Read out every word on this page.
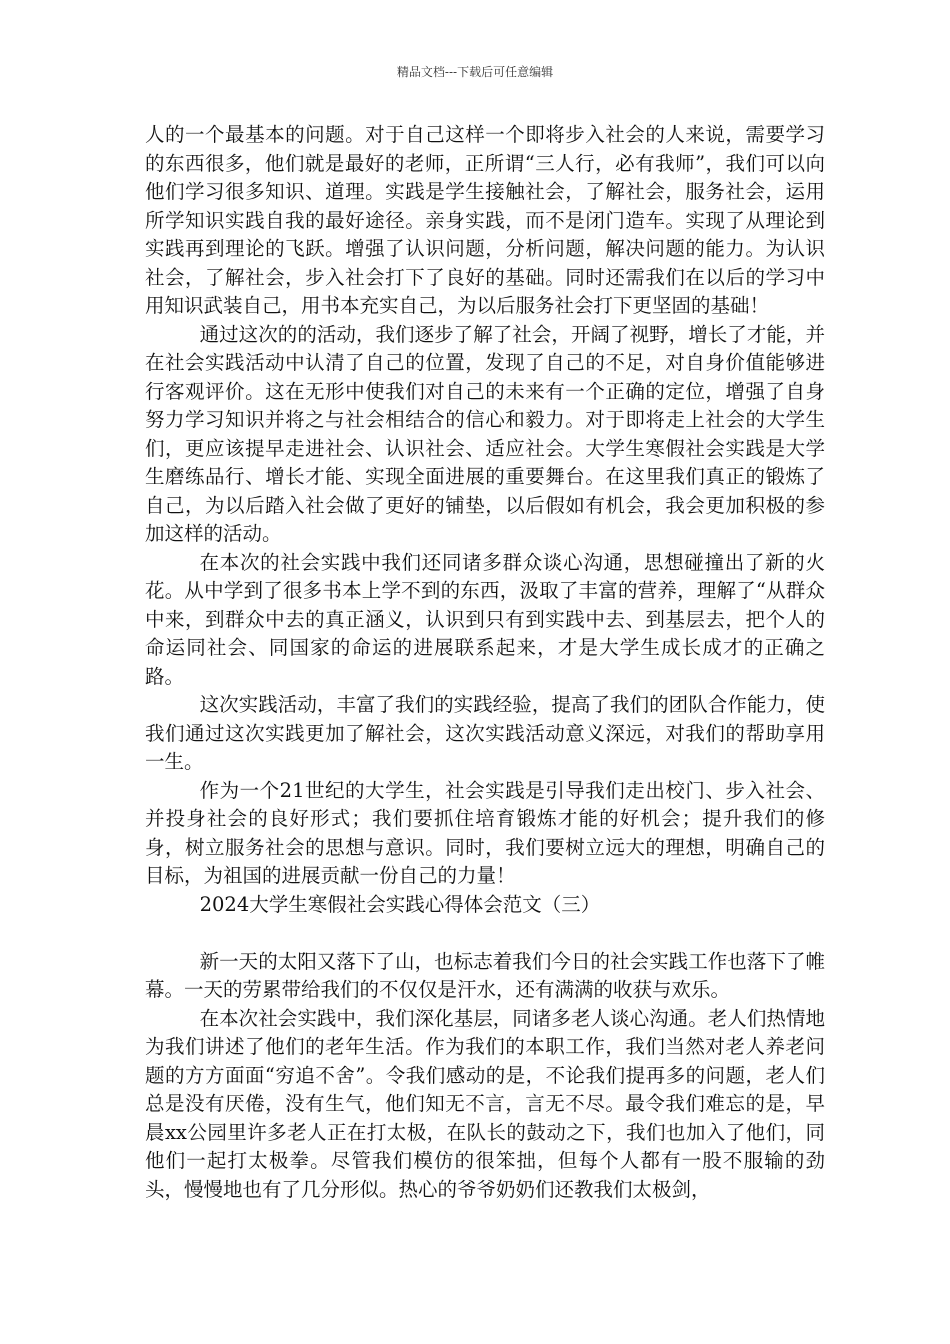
精品文档---下载后可任意编辑

人的一个最基本的问题。对于自己这样一个即将步入社会的人来说，需要学习的东西很多，他们就是最好的老师，正所谓“三人行，必有我师”，我们可以向他们学习很多知识、道理。实践是学生接触社会，了解社会，服务社会，运用所学知识实践自我的最好途径。亲身实践，而不是闭门造车。实现了从理论到实践再到理论的飞跃。增强了认识问题，分析问题，解决问题的能力。为认识社会，了解社会，步入社会打下了良好的基础。同时还需我们在以后的学习中用知识武装自己，用书本充实自己，为以后服务社会打下更坚固的基础！

通过这次的的活动，我们逐步了解了社会，开阔了视野，增长了才能，并在社会实践活动中认清了自己的位置，发现了自己的不足，对自身价值能够进行客观评价。这在无形中使我们对自己的未来有一个正确的定位，增强了自身努力学习知识并将之与社会相结合的信心和毅力。对于即将走上社会的大学生们，更应该提早走进社会、认识社会、适应社会。大学生寒假社会实践是大学生磨练品行、增长才能、实现全面进展的重要舞台。在这里我们真正的锻炼了自己，为以后踏入社会做了更好的铺垫，以后假如有机会，我会更加积极的参加这样的活动。

在本次的社会实践中我们还同诸多群众谈心沟通，思想碰撞出了新的火花。从中学到了很多书本上学不到的东西，汲取了丰富的营养，理解了“从群众中来，到群众中去的真正涵义，认识到只有到实践中去、到基层去，把个人的命运同社会、同国家的命运的进展联系起来，才是大学生成长成才的正确之路。

这次实践活动，丰富了我们的实践经验，提高了我们的团队合作能力，使我们通过这次实践更加了解社会，这次实践活动意义深远，对我们的帮助享用一生。

作为一个21世纪的大学生，社会实践是引导我们走出校门、步入社会、并投身社会的良好形式；我们要抓住培育锻炼才能的好机会；提升我们的修身，树立服务社会的思想与意识。同时，我们要树立远大的理想，明确自己的目标，为祖国的进展贡献一份自己的力量！

2024大学生寒假社会实践心得体会范文（三）

新一天的太阳又落下了山，也标志着我们今日的社会实践工作也落下了帷幕。一天的劳累带给我们的不仅仅是汗水，还有满满的收获与欢乐。

在本次社会实践中，我们深化基层，同诸多老人谈心沟通。老人们热情地为我们讲述了他们的老年生活。作为我们的本职工作，我们当然对老人养老问题的方方面面“穷追不舍”。令我们感动的是，不论我们提再多的问题，老人们总是没有厌倦，没有生气，他们知无不言，言无不尽。最令我们难忘的是，早晨xx公园里许多老人正在打太极，在队长的鼓动之下，我们也加入了他们，同他们一起打太极拳。尽管我们模仿的很笨拙，但每个人都有一股不服输的劲头，慢慢地也有了几分形似。热心的爷爷奶奶们还教我们太极剑，
